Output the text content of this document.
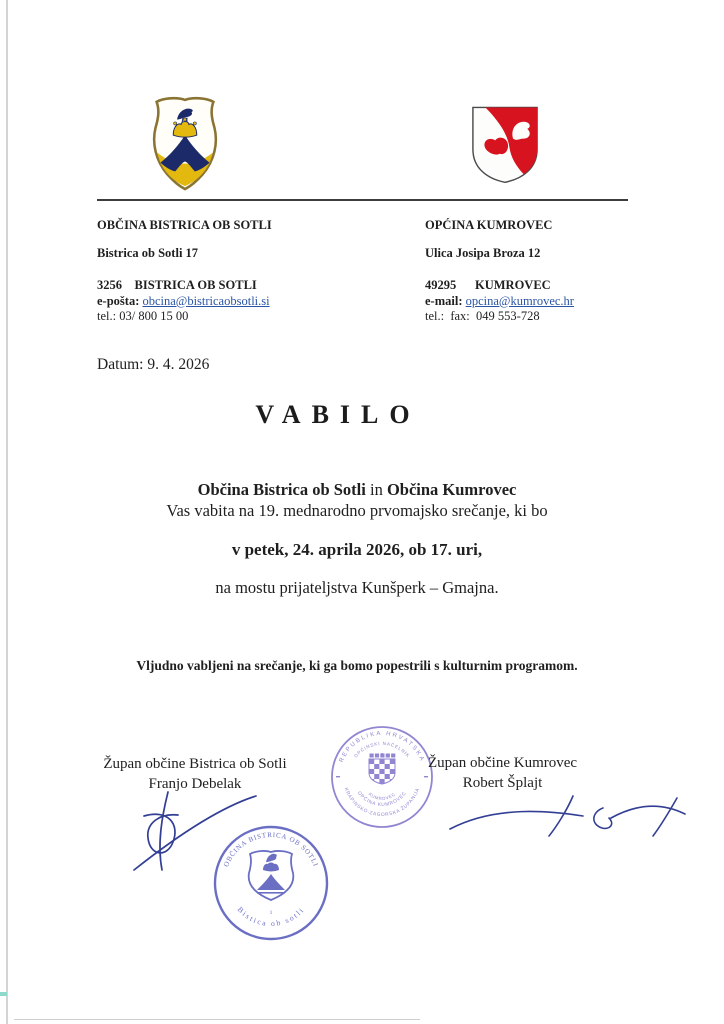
OBČINA BISTRICA OB SOTLI

Bistrica ob Sotli 17

3256    BISTRICA OB SOTLI

e-pošta: obcina@bistricaobsotli.si

tel.: 03/ 800 15 00

OPĆINA KUMROVEC

Ulica Josipa Broza 12

49295      KUMROVEC

e-mail: opcina@kumrovec.hr

tel.:  fax:  049 553-728

Datum: 9. 4. 2026
VABILO

Občina Bistrica ob Sotli in Občina Kumrovec

Vas vabita na 19. mednarodno prvomajsko srečanje, ki bo

v petek, 24. aprila 2026, ob 17. uri,

na mostu prijateljstva Kunšperk – Gmajna.

Vljudno vabljeni na srečanje, ki ga bomo popestrili s kulturnim programom.
Župan občine Bistrica ob Sotli
Franjo Debelak
Župan občine Kumrovec
Robert Šplajt
REPUBLIKA HRVATSKA
KRAPINSKO-ZAGORSKA ŽUPANIJA
OPĆINSKI NAČELNIK
KUMROVEC
OPĆINA KUMROVEC
OBČINA BISTRICA OB SOTLI
Bistica ob sotli
1
